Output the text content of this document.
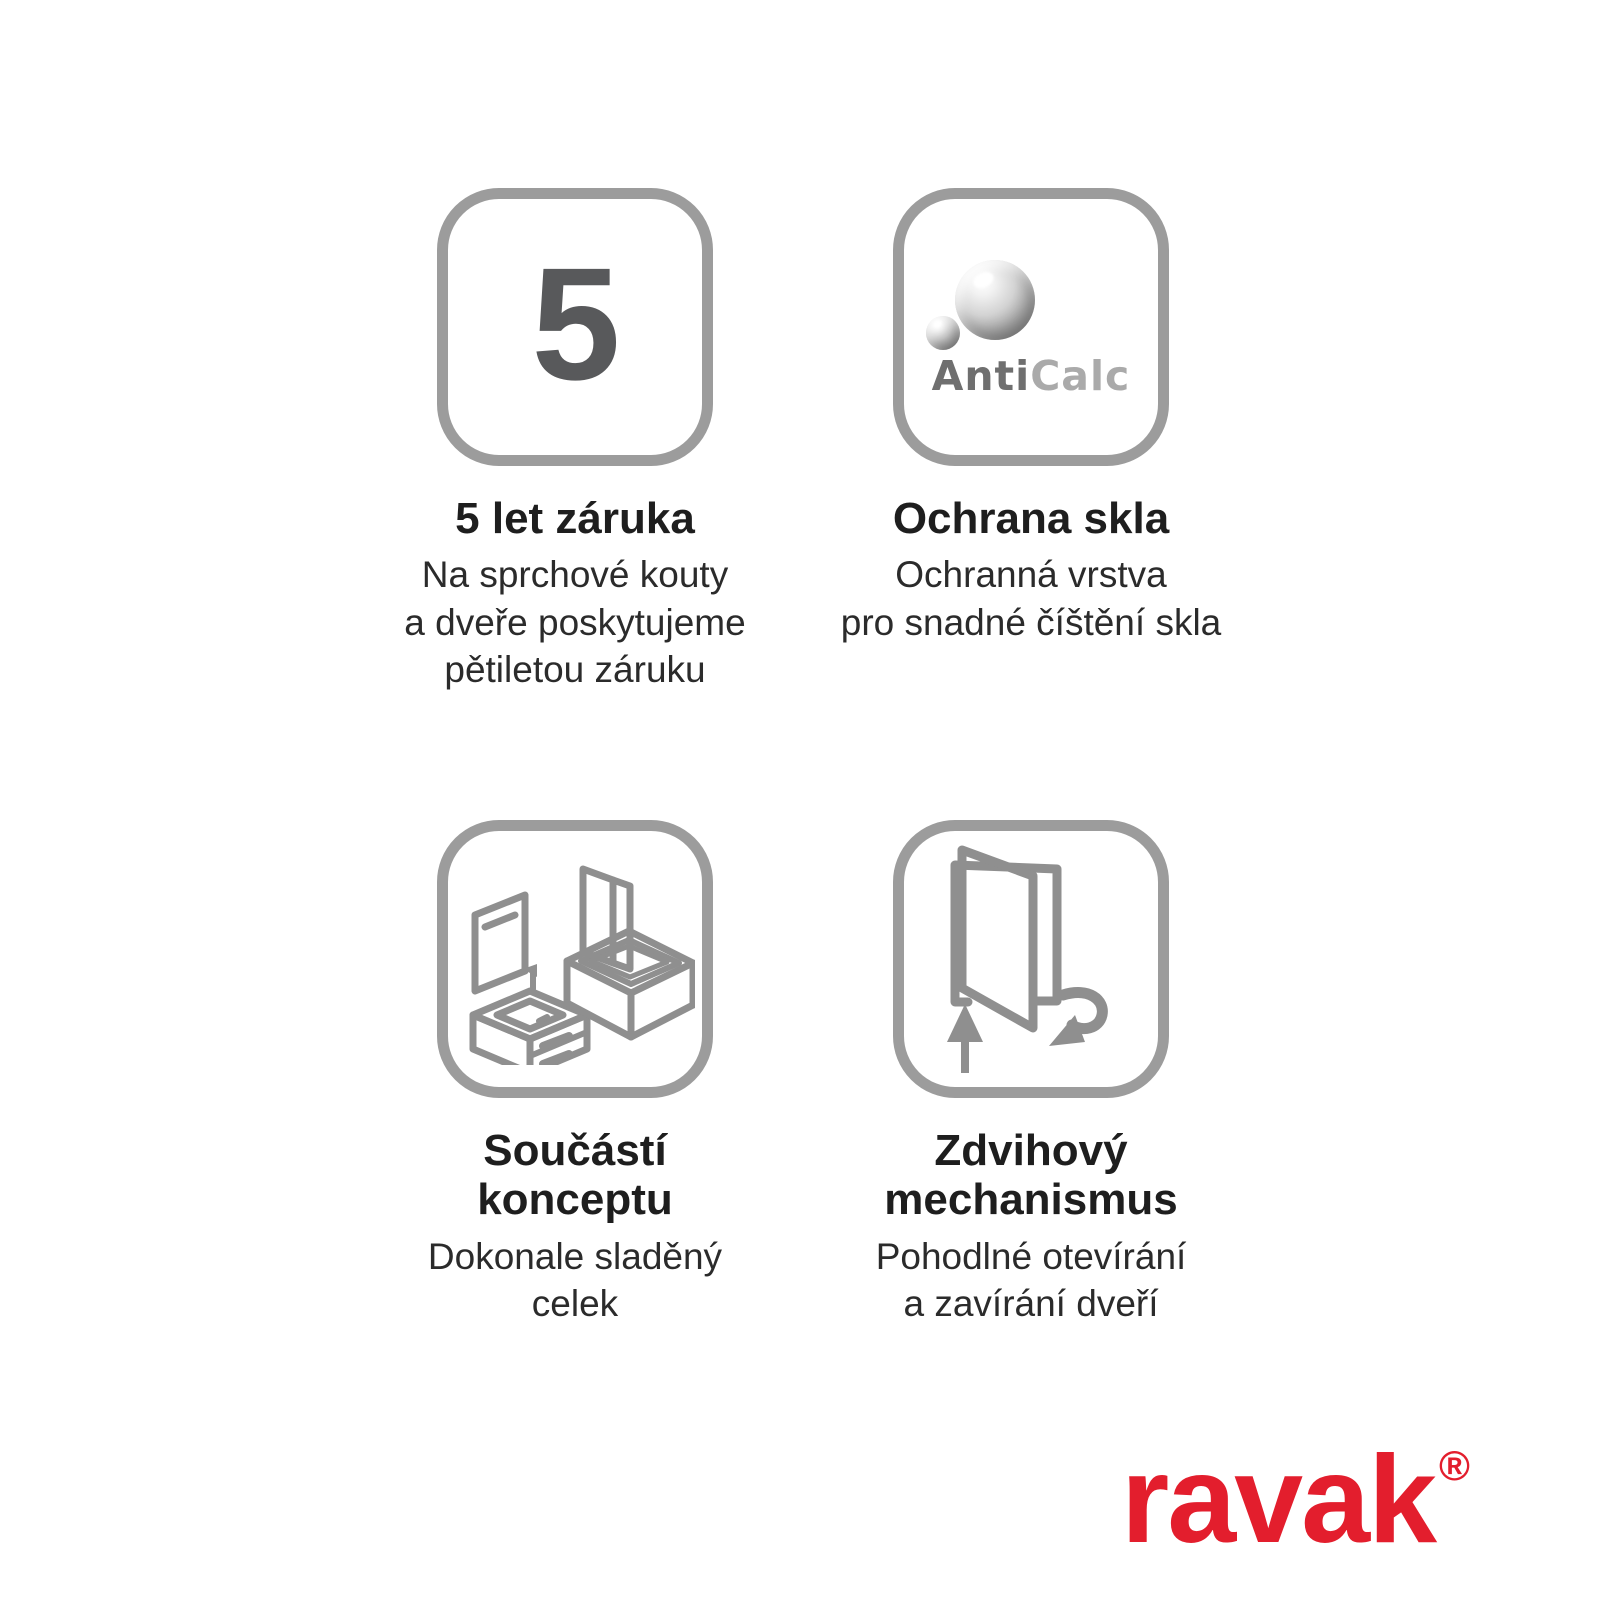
5
5 let záruka
Na sprchové kouty
a dveře poskytujeme
pětiletou záruku
AntiCalc
Ochrana skla
Ochranná vrstva
pro snadné číštění skla
Součástí
konceptu
Dokonale sladěný
celek
Zdvihový
mechanismus
Pohodlné otevírání
a zavírání dveří
ravak®
